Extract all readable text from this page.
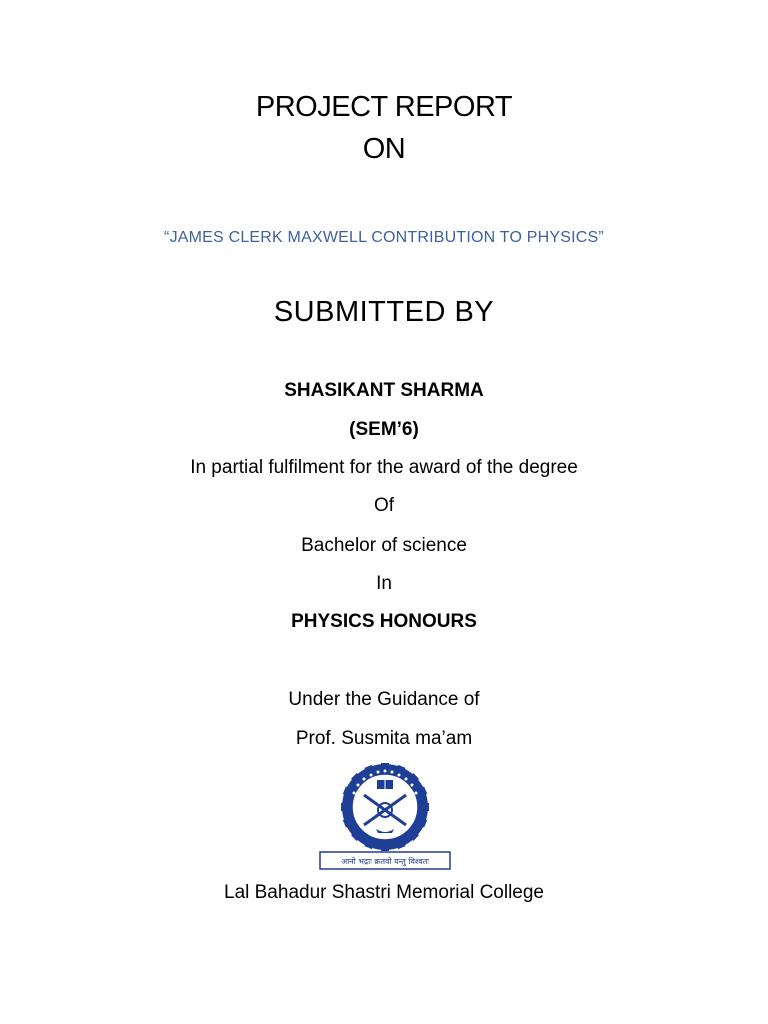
PROJECT REPORT
ON
“JAMES CLERK MAXWELL CONTRIBUTION TO PHYSICS”
SUBMITTED BY
SHASIKANT SHARMA
(SEM’6)
In partial fulfilment for the award of the degree
Of
Bachelor of science
In
PHYSICS HONOURS
Under the Guidance of
Prof. Susmita ma’am
आनो भद्राः क्रतवो यन्तु विश्वतः
Lal Bahadur Shastri Memorial College
